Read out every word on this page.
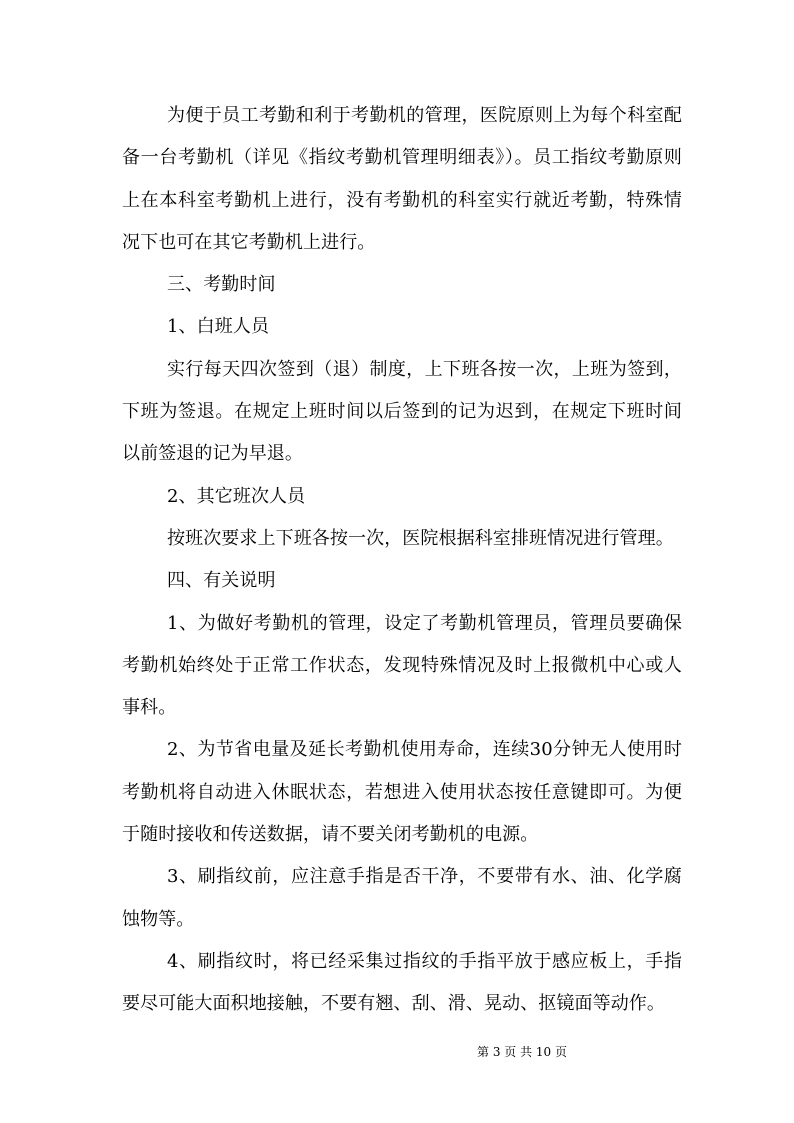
为便于员工考勤和利于考勤机的管理，医院原则上为每个科室配备一台考勤机（详见《指纹考勤机管理明细表》）。员工指纹考勤原则上在本科室考勤机上进行，没有考勤机的科室实行就近考勤，特殊情况下也可在其它考勤机上进行。

三、考勤时间

1、白班人员

实行每天四次签到（退）制度，上下班各按一次，上班为签到，下班为签退。在规定上班时间以后签到的记为迟到，在规定下班时间以前签退的记为早退。

2、其它班次人员

按班次要求上下班各按一次，医院根据科室排班情况进行管理。

四、有关说明

1、为做好考勤机的管理，设定了考勤机管理员，管理员要确保考勤机始终处于正常工作状态，发现特殊情况及时上报微机中心或人事科。

2、为节省电量及延长考勤机使用寿命，连续30分钟无人使用时考勤机将自动进入休眠状态，若想进入使用状态按任意键即可。为便于随时接收和传送数据，请不要关闭考勤机的电源。

3、刷指纹前，应注意手指是否干净，不要带有水、油、化学腐蚀物等。

4、刷指纹时，将已经采集过指纹的手指平放于感应板上，手指要尽可能大面积地接触，不要有翘、刮、滑、晃动、抠镜面等动作。

第 3 页 共 10 页
